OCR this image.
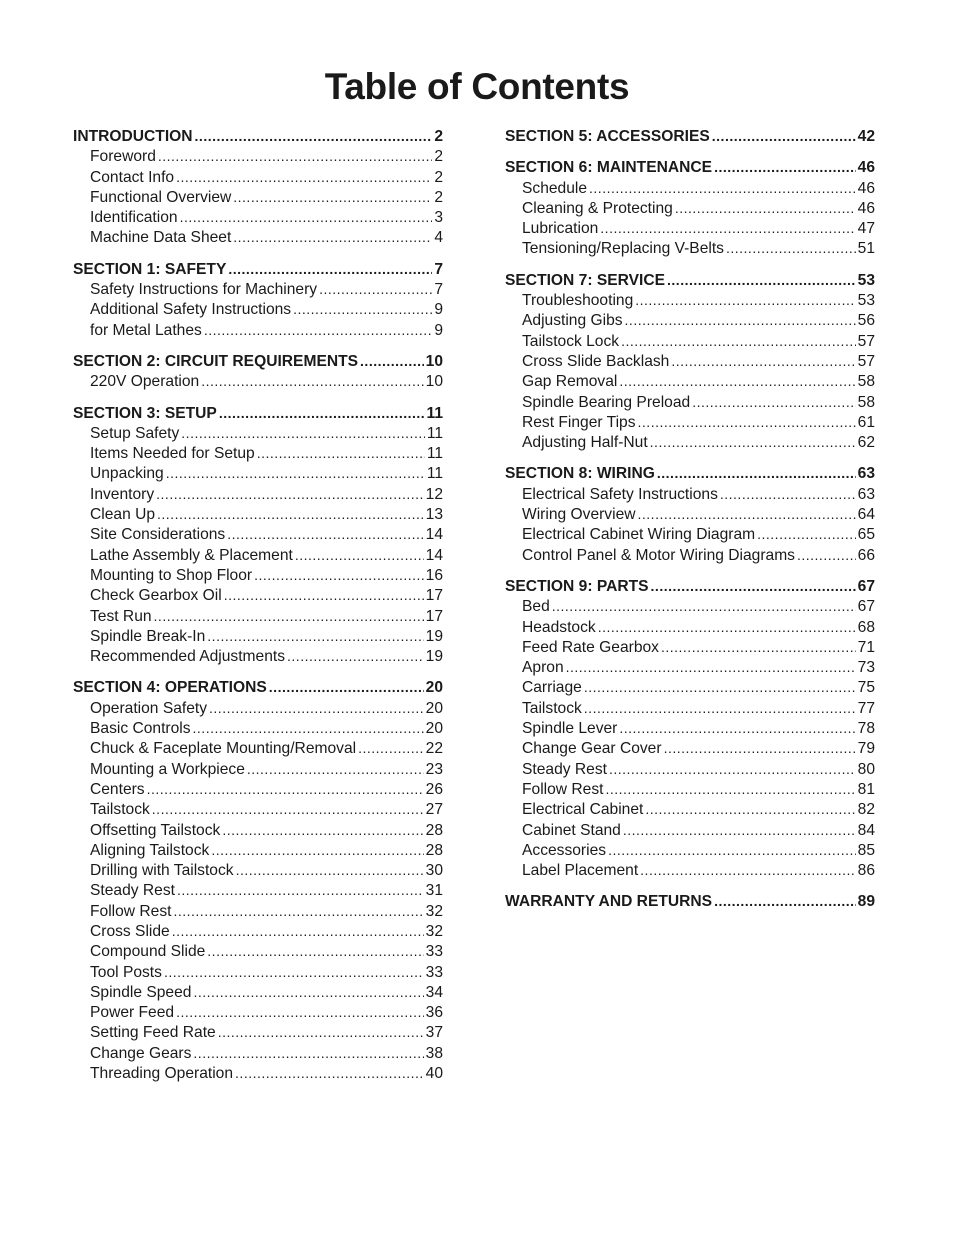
Table of Contents
INTRODUCTION .....	2
Foreword .....	2
Contact Info .....	2
Functional Overview .....	2
Identification .....	3
Machine Data Sheet .....	4
SECTION 1: SAFETY .....	7
Safety Instructions for Machinery .....	7
Additional Safety Instructions .....	9
for Metal Lathes .....	9
SECTION 2: CIRCUIT REQUIREMENTS .....	10
220V Operation .....	10
SECTION 3: SETUP .....	11
Setup Safety .....	11
Items Needed for Setup .....	11
Unpacking .....	11
Inventory .....	12
Clean Up .....	13
Site Considerations .....	14
Lathe Assembly & Placement .....	14
Mounting to Shop Floor .....	16
Check Gearbox Oil .....	17
Test Run .....	17
Spindle Break-In .....	19
Recommended Adjustments .....	19
SECTION 4: OPERATIONS .....	20
Operation Safety .....	20
Basic Controls .....	20
Chuck & Faceplate Mounting/Removal .....	22
Mounting a Workpiece .....	23
Centers .....	26
Tailstock .....	27
Offsetting Tailstock .....	28
Aligning Tailstock .....	28
Drilling with Tailstock .....	30
Steady Rest .....	31
Follow Rest .....	32
Cross Slide .....	32
Compound Slide .....	33
Tool Posts .....	33
Spindle Speed .....	34
Power Feed .....	36
Setting Feed Rate .....	37
Change Gears .....	38
Threading Operation .....	40
SECTION 5: ACCESSORIES .....	42
SECTION 6: MAINTENANCE .....	46
Schedule .....	46
Cleaning & Protecting .....	46
Lubrication .....	47
Tensioning/Replacing V-Belts .....	51
SECTION 7: SERVICE .....	53
Troubleshooting .....	53
Adjusting Gibs .....	56
Tailstock Lock .....	57
Cross Slide Backlash .....	57
Gap Removal .....	58
Spindle Bearing Preload .....	58
Rest Finger Tips .....	61
Adjusting Half-Nut .....	62
SECTION 8: WIRING .....	63
Electrical Safety Instructions .....	63
Wiring Overview .....	64
Electrical Cabinet Wiring Diagram .....	65
Control Panel & Motor Wiring Diagrams .....	66
SECTION 9: PARTS .....	67
Bed .....	67
Headstock .....	68
Feed Rate Gearbox .....	71
Apron .....	73
Carriage .....	75
Tailstock .....	77
Spindle Lever .....	78
Change Gear Cover .....	79
Steady Rest .....	80
Follow Rest .....	81
Electrical Cabinet .....	82
Cabinet Stand .....	84
Accessories .....	85
Label Placement .....	86
WARRANTY AND RETURNS .....	89
